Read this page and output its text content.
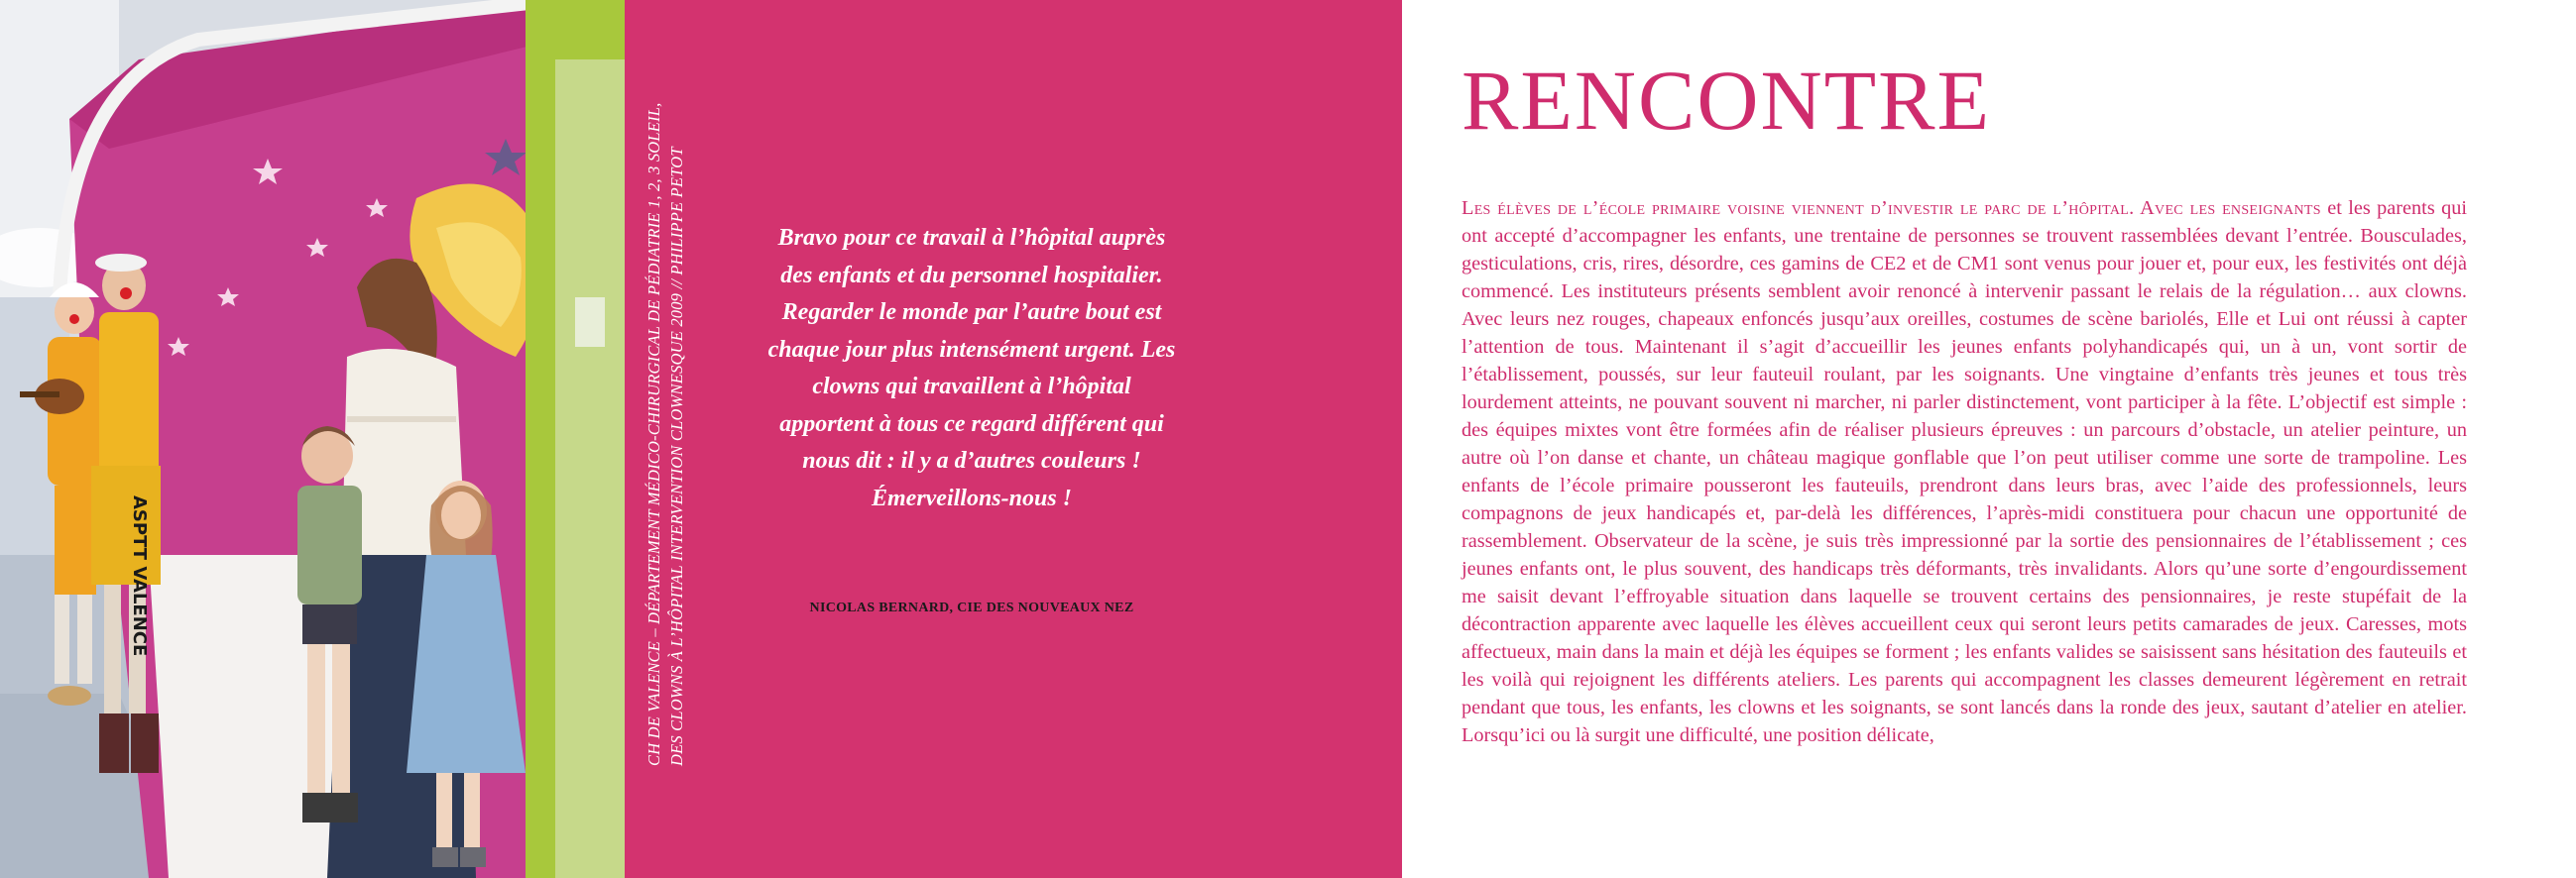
ASPTT VALENCE	CH DE VALENCE – DÉPARTEMENT MÉDICO-CHIRURGICAL DE PÉDIATRIE 1, 2, 3 SOLEIL, DES CLOWNS À L’HÔPITAL INTERVENTION CLOWNESQUE 2009 // PHILIPPE PETOT	Bravo pour ce travail à l’hôpital auprès des enfants et du personnel hospitalier. Regarder le monde par l’autre bout est chaque jour plus intensément urgent. Les clowns qui travaillent à l’hôpital apportent à tous ce regard différent qui nous dit : il y a d’autres couleurs ! Émerveillons-nous !
NICOLAS BERNARD, CIE DES NOUVEAUX NEZ
RENCONTRE

Les élèves de l’école primaire voisine viennent d’investir le parc de l’hôpital. Avec les enseignants et les parents qui ont accepté d’accompagner les enfants, une trentaine de personnes se trouvent rassemblées devant l’entrée. Bousculades, gesticulations, cris, rires, désordre, ces gamins de CE2 et de CM1 sont venus pour jouer et, pour eux, les festivités ont déjà commencé. Les instituteurs présents semblent avoir renoncé à intervenir passant le relais de la régulation… aux clowns. Avec leurs nez rouges, chapeaux enfoncés jusqu’aux oreilles, costumes de scène bariolés, Elle et Lui ont réussi à capter l’attention de tous. Maintenant il s’agit d’accueillir les jeunes enfants polyhandicapés qui, un à un, vont sortir de l’établissement, poussés, sur leur fauteuil roulant, par les soignants. Une vingtaine d’enfants très jeunes et tous très lourdement atteints, ne pouvant souvent ni marcher, ni parler distinctement, vont participer à la fête. L’objectif est simple : des équipes mixtes vont être formées afin de réaliser plusieurs épreuves : un parcours d’obstacle, un atelier peinture, un autre où l’on danse et chante, un château magique gonflable que l’on peut utiliser comme une sorte de trampoline. Les enfants de l’école primaire pousseront les fauteuils, prendront dans leurs bras, avec l’aide des professionnels, leurs compagnons de jeux handicapés et, par-delà les différences, l’après-midi constituera pour chacun une opportunité de rassemblement. Observateur de la scène, je suis très impressionné par la sortie des pensionnaires de l’établissement ; ces jeunes enfants ont, le plus souvent, des handicaps très déformants, très invalidants. Alors qu’une sorte d’engourdissement me saisit devant l’effroyable situation dans laquelle se trouvent certains des pensionnaires, je reste stupéfait de la décontraction apparente avec laquelle les élèves accueillent ceux qui seront leurs petits camarades de jeux. Caresses, mots affectueux, main dans la main et déjà les équipes se forment ; les enfants valides se saisissent sans hésitation des fauteuils et les voilà qui rejoignent les différents ateliers. Les parents qui accompagnent les classes demeurent légèrement en retrait pendant que tous, les enfants, les clowns et les soignants, se sont lancés dans la ronde des jeux, sautant d’atelier en atelier. Lorsqu’ici ou là surgit une difficulté, une position délicate,
